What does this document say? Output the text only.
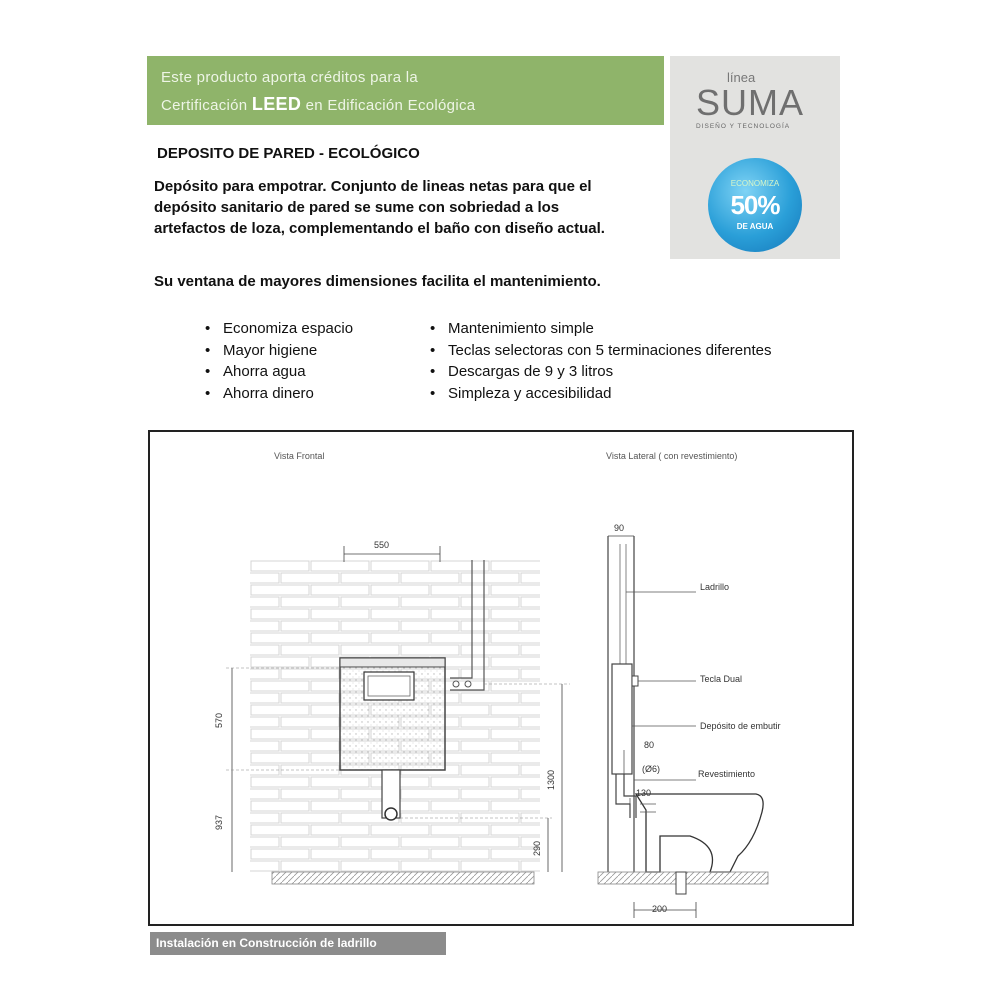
Este producto aporta créditos para la
Certificación LEED en Edificación Ecológica
línea
SUMA
DISEÑO Y TECNOLOGÍA
ECONOMIZA
50%
DE AGUA
DEPOSITO DE PARED - ECOLÓGICO

Depósito para empotrar. Conjunto de lineas netas para que el depósito sanitario de pared se sume con sobriedad a los artefactos de loza, complementando el baño con diseño actual.

Su ventana de mayores dimensiones facilita el mantenimiento.

• Economiza espacio
• Mayor higiene
• Ahorra agua
• Ahorra dinero
• Mantenimiento simple
• Teclas selectoras con 5 terminaciones diferentes
• Descargas de 9 y 3 litros
• Simpleza y accesibilidad
Vista Frontal	Vista Lateral ( con revestimiento)
550
570
937
1300
290
90
200
Ladrillo
Tecla Dual
Depósito de embutir
80
(Ø6)	Revestimiento
130
Instalación en Construcción de ladrillo
